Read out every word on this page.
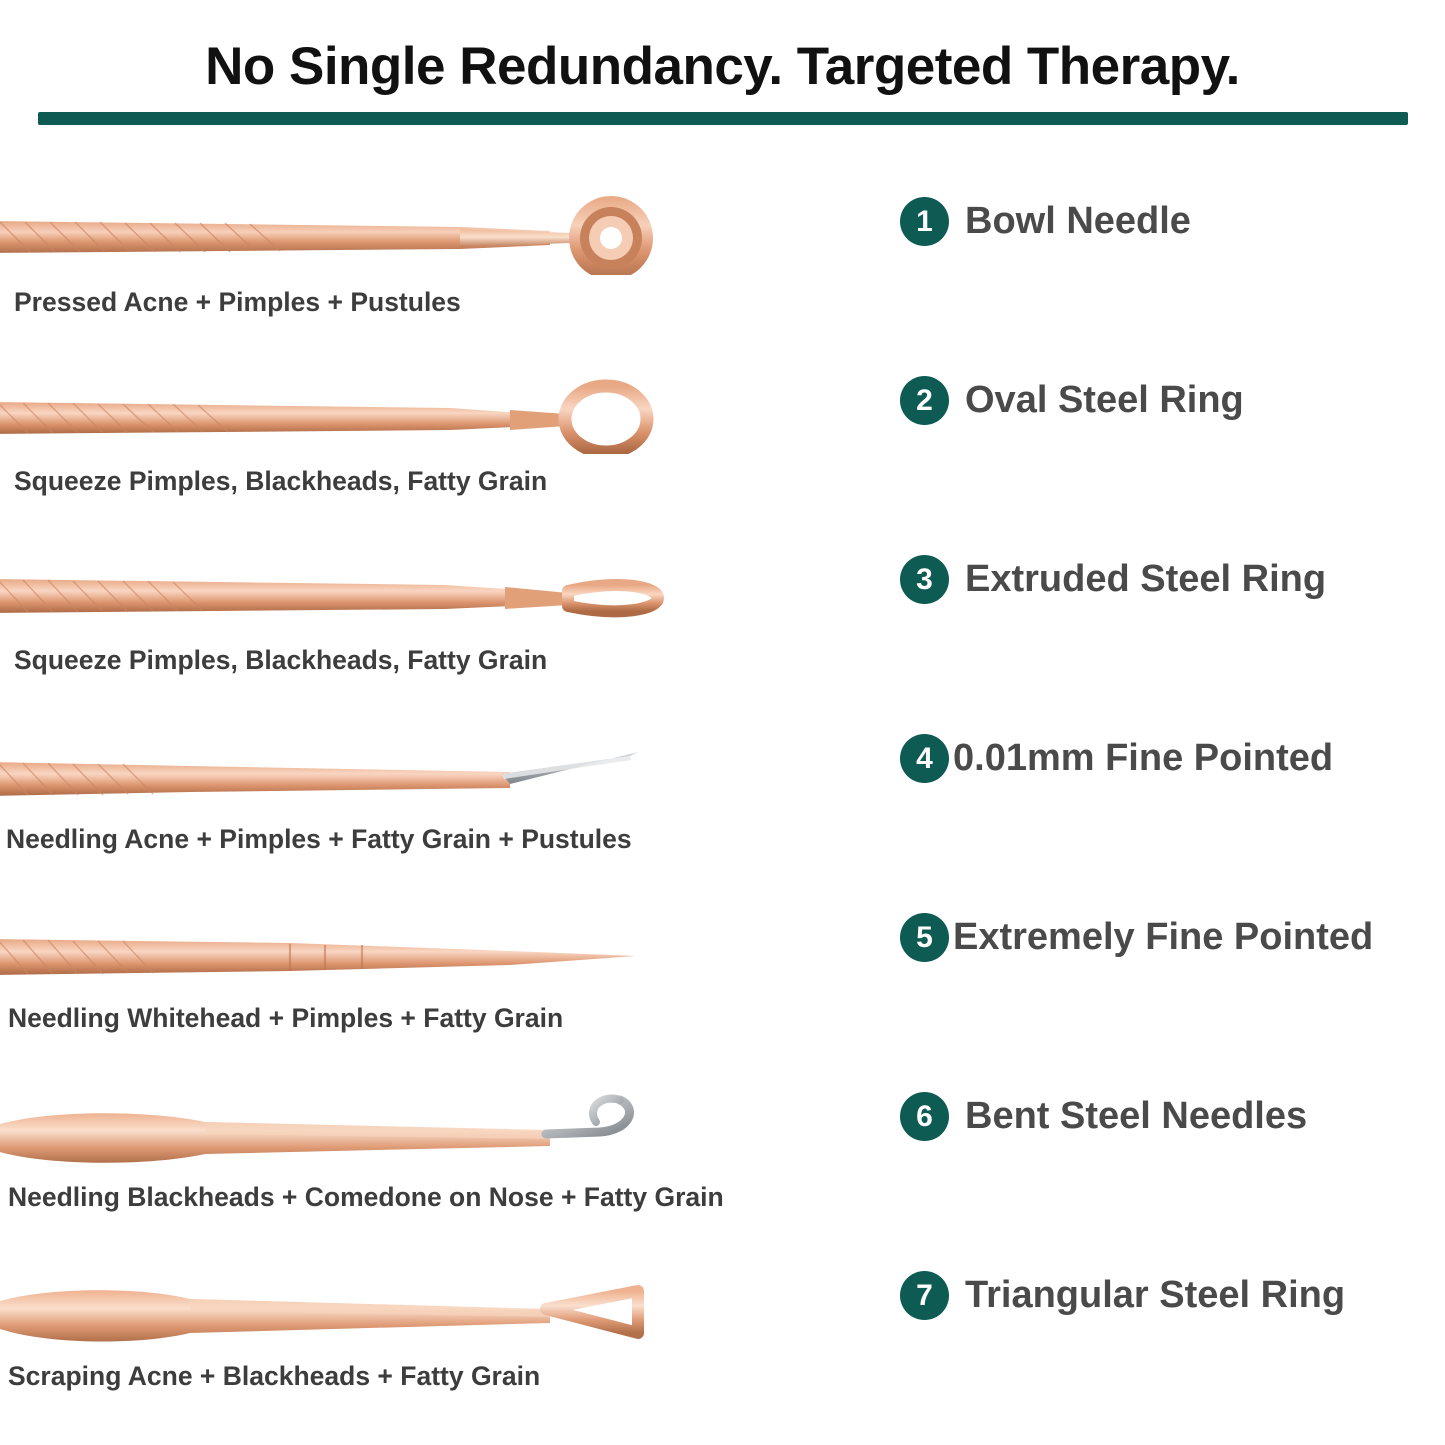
No Single Redundancy. Targeted Therapy.
Pressed Acne + Pimples + Pustules
1 Bowl Needle
Squeeze Pimples, Blackheads, Fatty Grain
2 Oval Steel Ring
Squeeze Pimples, Blackheads, Fatty Grain
3 Extruded Steel Ring
Needling Acne + Pimples + Fatty Grain + Pustules
4 0.01mm Fine Pointed
Needling Whitehead + Pimples + Fatty Grain
5 Extremely Fine Pointed
Needling Blackheads + Comedone on Nose + Fatty Grain
6 Bent Steel Needles
Scraping Acne + Blackheads + Fatty Grain
7 Triangular Steel Ring
